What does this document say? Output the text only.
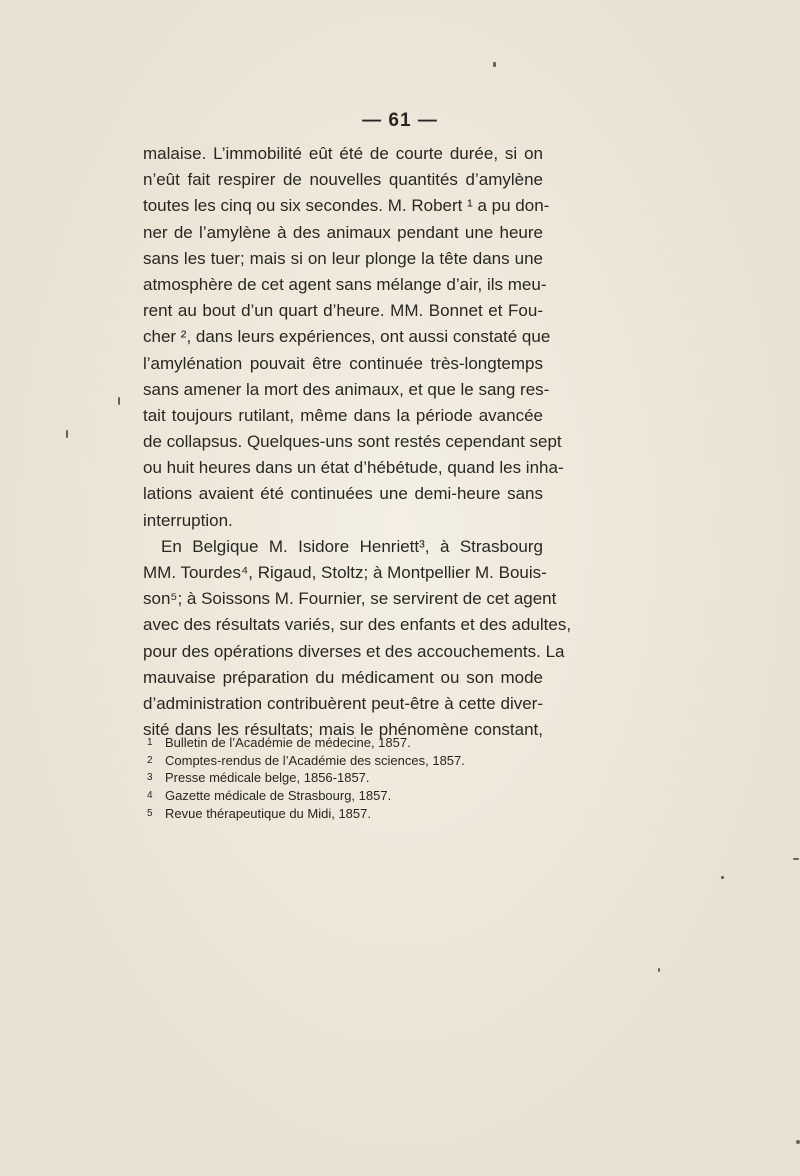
— 61 —
malaise. L’immobilité eût été de courte durée, si on
n’eût fait respirer de nouvelles quantités d’amylène
toutes les cinq ou six secondes. M. Robert ¹ a pu don-
ner de l’amylène à des animaux pendant une heure
sans les tuer; mais si on leur plonge la tête dans une
atmosphère de cet agent sans mélange d’air, ils meu-
rent au bout d’un quart d’heure. MM. Bonnet et Fou-
cher ², dans leurs expériences, ont aussi constaté que
l’amylénation pouvait être continuée très-longtemps
sans amener la mort des animaux, et que le sang res-
tait toujours rutilant, même dans la période avancée
de collapsus. Quelques-uns sont restés cependant sept
ou huit heures dans un état d’hébétude, quand les inha-
lations avaient été continuées une demi-heure sans
interruption.
En Belgique M. Isidore Henriett³, à Strasbourg
MM. Tourdes⁴, Rigaud, Stoltz; à Montpellier M. Bouis-
son⁵; à Soissons M. Fournier, se servirent de cet agent
avec des résultats variés, sur des enfants et des adultes,
pour des opérations diverses et des accouchements. La
mauvaise préparation du médicament ou son mode
d’administration contribuèrent peut-être à cette diver-
sité dans les résultats; mais le phénomène constant,
1 Bulletin de l’Académie de médecine, 1857.
2 Comptes-rendus de l’Académie des sciences, 1857.
3 Presse médicale belge, 1856-1857.
4 Gazette médicale de Strasbourg, 1857.
5 Revue thérapeutique du Midi, 1857.
